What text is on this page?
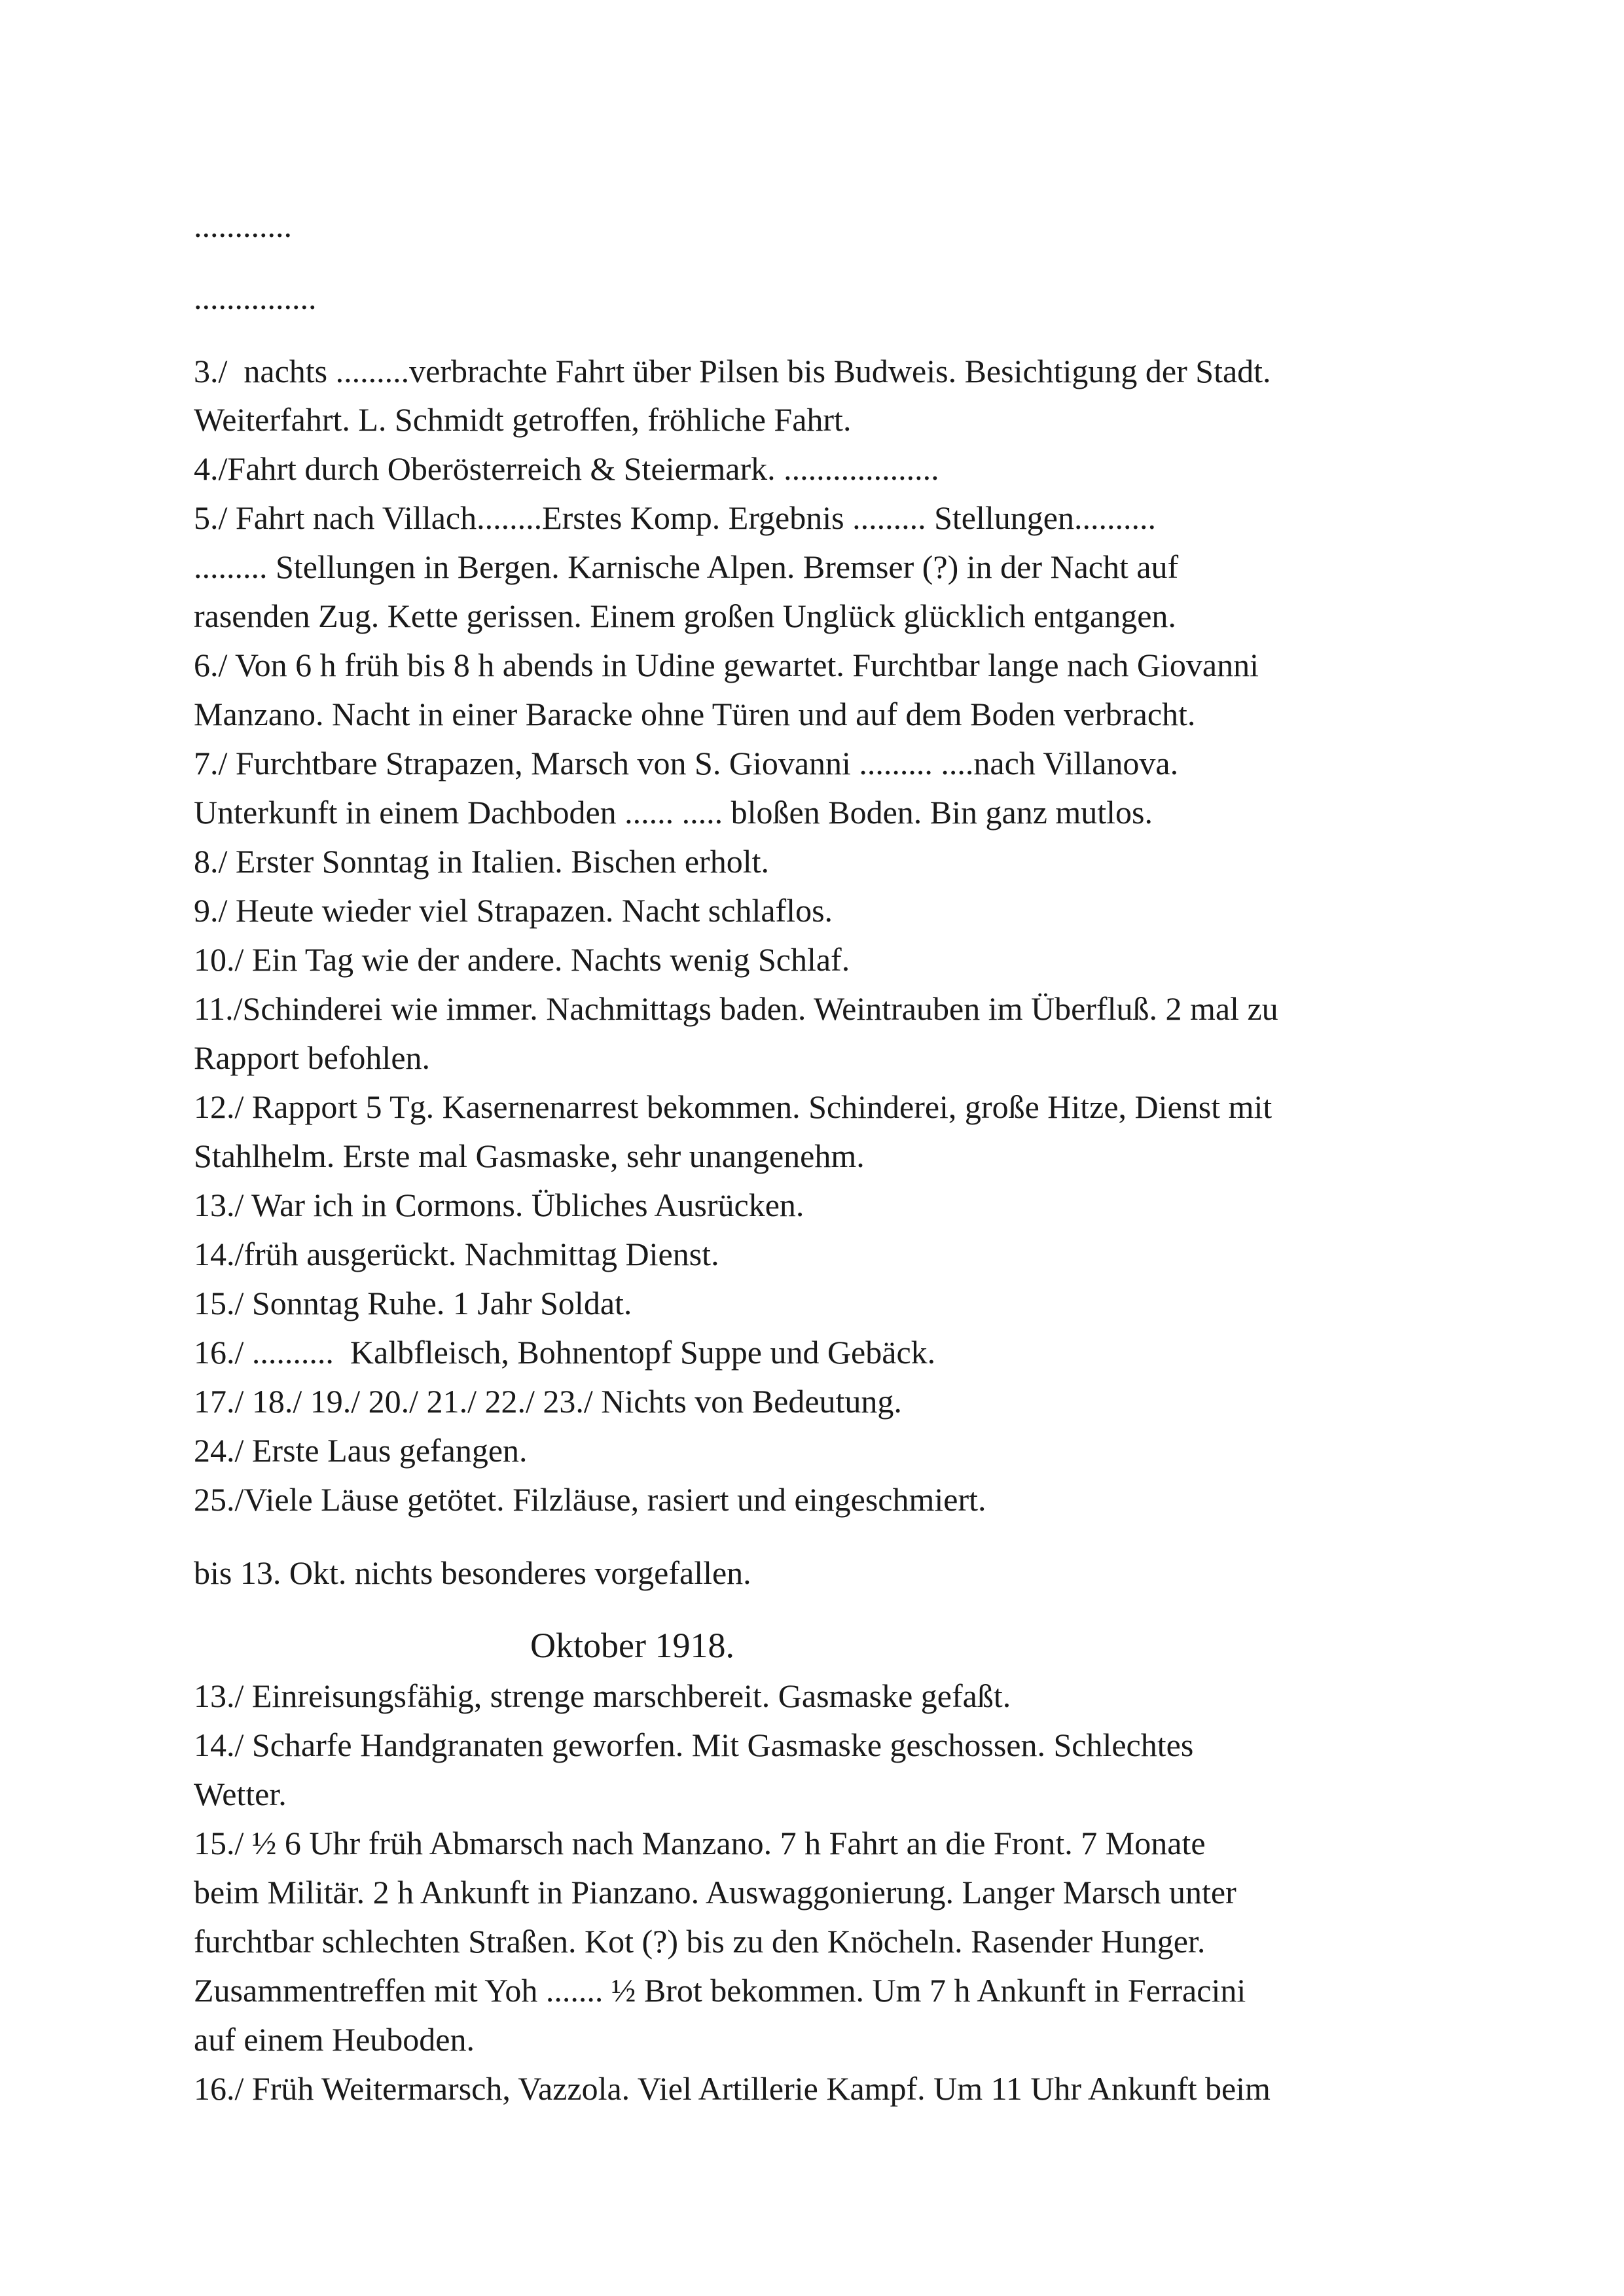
............
...............
3./  nachts .........verbrachte Fahrt über Pilsen bis Budweis. Besichtigung der Stadt.
Weiterfahrt. L. Schmidt getroffen, fröhliche Fahrt.
4./Fahrt durch Oberösterreich & Steiermark. ...................
5./ Fahrt nach Villach........Erstes Komp. Ergebnis ......... Stellungen..........
......... Stellungen in Bergen. Karnische Alpen. Bremser (?) in der Nacht auf
rasenden Zug. Kette gerissen. Einem großen Unglück glücklich entgangen.
6./ Von 6 h früh bis 8 h abends in Udine gewartet. Furchtbar lange nach Giovanni
Manzano. Nacht in einer Baracke ohne Türen und auf dem Boden verbracht.
7./ Furchtbare Strapazen, Marsch von S. Giovanni ......... ....nach Villanova.
Unterkunft in einem Dachboden ...... ..... bloßen Boden. Bin ganz mutlos.
8./ Erster Sonntag in Italien. Bischen erholt.
9./ Heute wieder viel Strapazen. Nacht schlaflos.
10./ Ein Tag wie der andere. Nachts wenig Schlaf.
11./Schinderei wie immer. Nachmittags baden. Weintrauben im Überfluß. 2 mal zu
Rapport befohlen.
12./ Rapport 5 Tg. Kasernenarrest bekommen. Schinderei, große Hitze, Dienst mit
Stahlhelm. Erste mal Gasmaske, sehr unangenehm.
13./ War ich in Cormons. Übliches Ausrücken.
14./früh ausgerückt. Nachmittag Dienst.
15./ Sonntag Ruhe. 1 Jahr Soldat.
16./ ..........  Kalbfleisch, Bohnentopf Suppe und Gebäck.
17./ 18./ 19./ 20./ 21./ 22./ 23./ Nichts von Bedeutung.
24./ Erste Laus gefangen.
25./Viele Läuse getötet. Filzläuse, rasiert und eingeschmiert.
bis 13. Okt. nichts besonderes vorgefallen.
Oktober 1918.
13./ Einreisungsfähig, strenge marschbereit. Gasmaske gefaßt.
14./ Scharfe Handgranaten geworfen. Mit Gasmaske geschossen. Schlechtes
Wetter.
15./ ½ 6 Uhr früh Abmarsch nach Manzano. 7 h Fahrt an die Front. 7 Monate
beim Militär. 2 h Ankunft in Pianzano. Auswaggonierung. Langer Marsch unter
furchtbar schlechten Straßen. Kot (?) bis zu den Knöcheln. Rasender Hunger.
Zusammentreffen mit Yoh ....... ½ Brot bekommen. Um 7 h Ankunft in Ferracini
auf einem Heuboden.
16./ Früh Weitermarsch, Vazzola. Viel Artillerie Kampf. Um 11 Uhr Ankunft beim
